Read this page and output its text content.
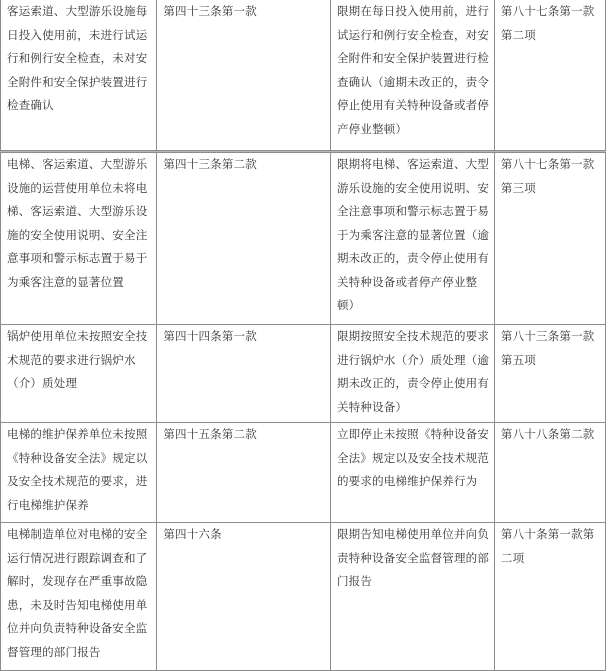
客运索道、大型游乐设施每日投入使用前，未进行试运行和例行安全检查，未对安全附件和安全保护装置进行检查确认	第四十三条第一款	限期在每日投入使用前，进行试运行和例行安全检查，对安全附件和安全保护装置进行检查确认（逾期未改正的，责令停止使用有关特种设备或者停产停业整顿）	第八十七条第一款第二项
电梯、客运索道、大型游乐设施的运营使用单位未将电梯、客运索道、大型游乐设施的安全使用说明、安全注意事项和警示标志置于易于为乘客注意的显著位置	第四十三条第二款	限期将电梯、客运索道、大型游乐设施的安全使用说明、安全注意事项和警示标志置于易于为乘客注意的显著位置（逾期未改正的，责令停止使用有关特种设备或者停产停业整顿）	第八十七条第一款第三项
锅炉使用单位未按照安全技术规范的要求进行锅炉水（介）质处理	第四十四条第一款	限期按照安全技术规范的要求进行锅炉水（介）质处理（逾期未改正的，责令停止使用有关特种设备）	第八十三条第一款第五项
电梯的维护保养单位未按照《特种设备安全法》规定以及安全技术规范的要求，进行电梯维护保养	第四十五条第二款	立即停止未按照《特种设备安全法》规定以及安全技术规范的要求的电梯维护保养行为	第八十八条第二款
电梯制造单位对电梯的安全运行情况进行跟踪调查和了解时，发现存在严重事故隐患，未及时告知电梯使用单位并向负责特种设备安全监督管理的部门报告	第四十六条	限期告知电梯使用单位并向负责特种设备安全监督管理的部门报告	第八十条第一款第二项
